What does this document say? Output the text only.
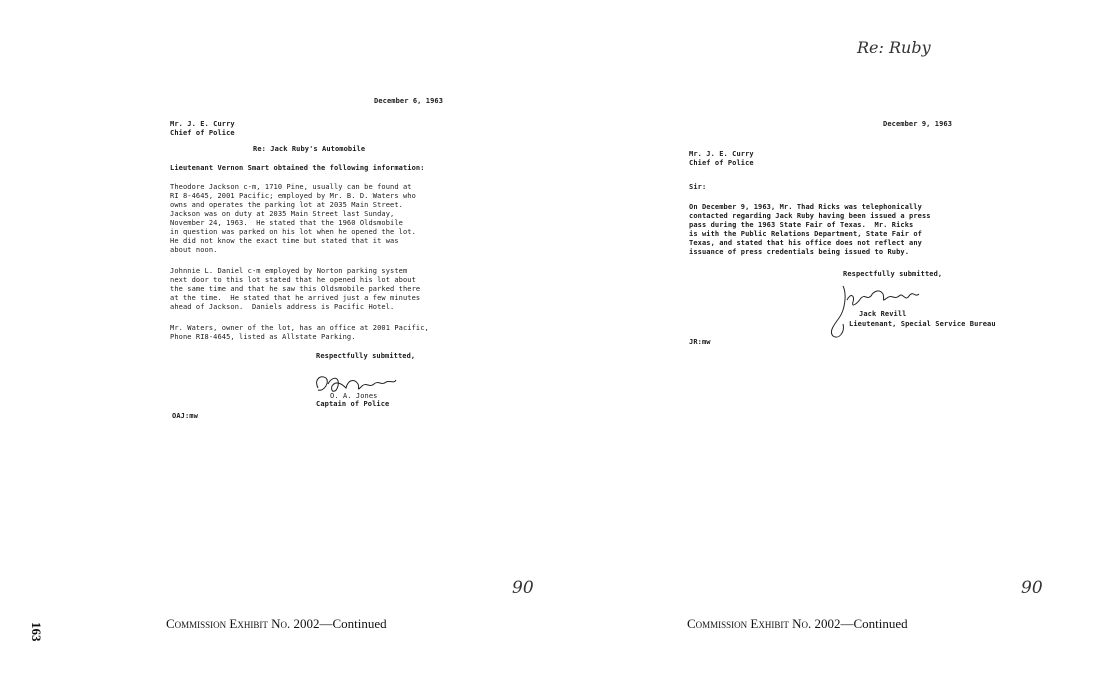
December 6, 1963
Mr. J. E. Curry
Chief of Police
Re: Jack Ruby's Automobile
Lieutenant Vernon Smart obtained the following information:
Theodore Jackson c-m, 1710 Pine, usually can be found at
RI 8-4645, 2001 Pacific; employed by Mr. B. D. Waters who
owns and operates the parking lot at 2035 Main Street.
Jackson was on duty at 2035 Main Street last Sunday,
November 24, 1963.  He stated that the 1960 Oldsmobile
in question was parked on his lot when he opened the lot.
He did not know the exact time but stated that it was
about noon.
Johnnie L. Daniel c-m employed by Norton parking system
next door to this lot stated that he opened his lot about
the same time and that he saw this Oldsmobile parked there
at the time.  He stated that he arrived just a few minutes
ahead of Jackson.  Daniels address is Pacific Hotel.
Mr. Waters, owner of the lot, has an office at 2001 Pacific,
Phone RI8-4645, listed as Allstate Parking.
Respectfully submitted,
O. A. Jones
Captain of Police
OAJ:mw
90
Commission Exhibit No. 2002—Continued
163
Re: Ruby
December 9, 1963
Mr. J. E. Curry
Chief of Police
Sir:
On December 9, 1963, Mr. Thad Ricks was telephonically
contacted regarding Jack Ruby having been issued a press
pass during the 1963 State Fair of Texas.  Mr. Ricks
is with the Public Relations Department, State Fair of
Texas, and stated that his office does not reflect any
issuance of press credentials being issued to Ruby.
Respectfully submitted,
Jack Revill
Lieutenant, Special Service Bureau
JR:mw
90
Commission Exhibit No. 2002—Continued
